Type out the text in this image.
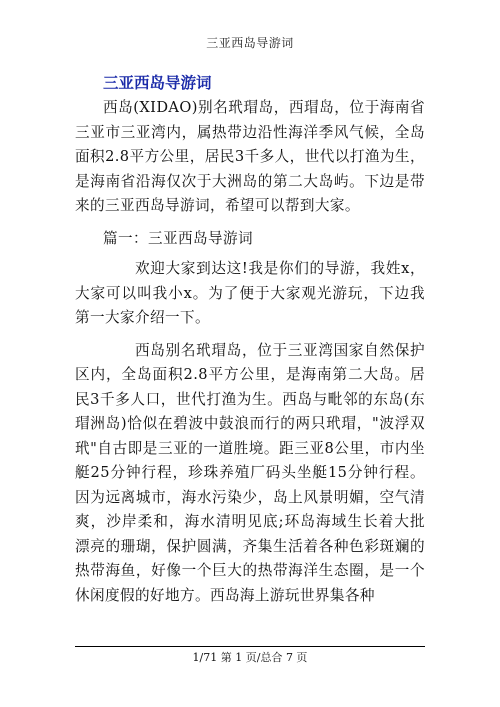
三亚西岛导游词
三亚西岛导游词

西岛(XIDAO)别名玳瑁岛，西瑁岛，位于海南省三亚市三亚湾内，属热带边沿性海洋季风气候，全岛面积2.8平方公里，居民3千多人，世代以打渔为生，是海南省沿海仅次于大洲岛的第二大岛屿。下边是带来的三亚西岛导游词，希望可以帮到大家。

篇一：三亚西岛导游词

欢迎大家到达这!我是你们的导游，我姓x，大家可以叫我小x。为了便于大家观光游玩，下边我第一大家介绍一下。

西岛别名玳瑁岛，位于三亚湾国家自然保护区内，全岛面积2.8平方公里，是海南第二大岛。居民3千多人口，世代打渔为生。西岛与毗邻的东岛(东瑁洲岛)恰似在碧波中鼓浪而行的两只玳瑁，"波浮双玳"自古即是三亚的一道胜境。距三亚8公里，市内坐艇25分钟行程，珍珠养殖厂码头坐艇15分钟行程。因为远离城市，海水污染少，岛上风景明媚，空气清爽，沙岸柔和，海水清明见底;环岛海域生长着大批漂亮的珊瑚，保护圆满，齐集生活着各种色彩斑斓的热带海鱼，好像一个巨大的热带海洋生态圈，是一个休闲度假的好地方。西岛海上游玩世界集各种

1/71 第 1 页/总合 7 页
